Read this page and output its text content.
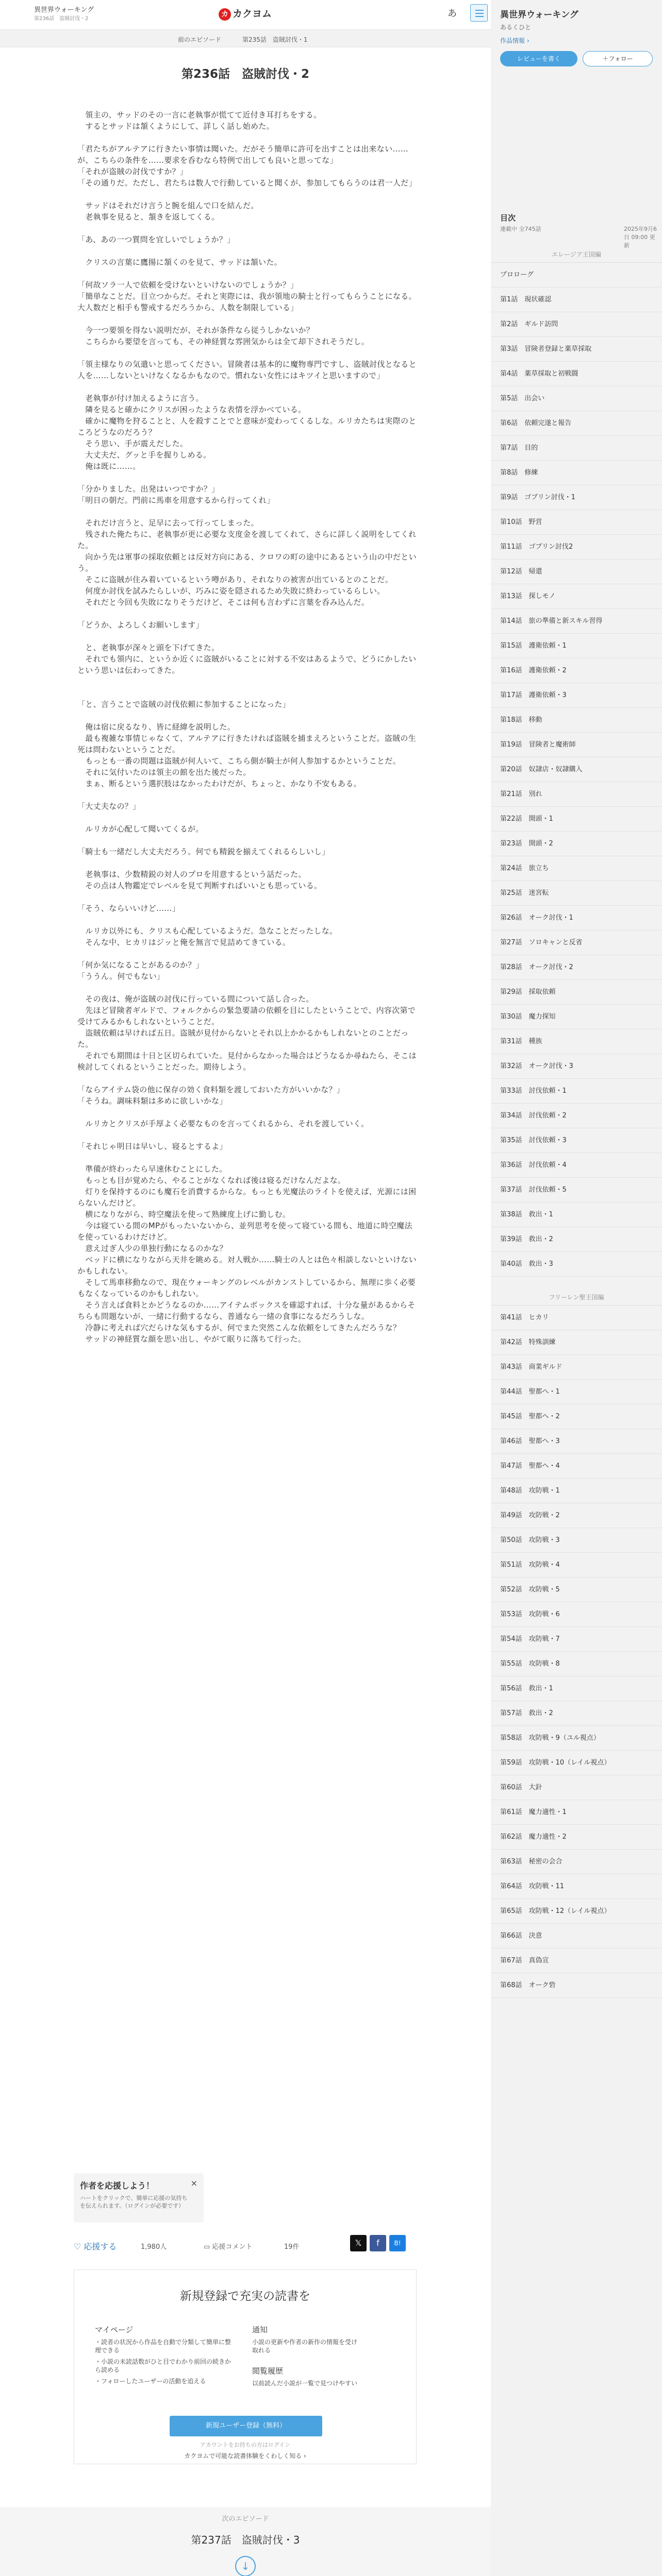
異世界ウォーキング
第236話　盗賊討伐・2
カ カクヨム	あ
前のエピソード	第235話　盗賊討伐・1
第236話　盗賊討伐・2

　領主の、サッドのその一言に老執事が慌てて近付き耳打ちをする。

　するとサッドは頷くようにして、詳しく話し始めた。

「君たちがアルテアに行きたい事情は聞いた。だがそう簡単に許可を出すことは出来ない……が、こちらの条件を……要求を呑むなら特例で出しても良いと思ってな」

「それが盗賊の討伐ですか？」

「その通りだ。ただし、君たちは数人で行動していると聞くが、参加してもらうのは君一人だ」

　サッドはそれだけ言うと腕を組んで口を結んだ。

　老執事を見ると、頷きを返してくる。

「あ、あの一つ質問を宜しいでしょうか？」

　クリスの言葉に鷹揚に頷くのを見て、サッドは頷いた。

「何故ソラ一人で依頼を受けないといけないのでしょうか？」

「簡単なことだ。目立つからだ。それと実際には、我が領地の騎士と行ってもらうことになる。大人数だと相手も警戒するだろうから、人数を制限している」

　今一つ要領を得ない説明だが、それが条件なら従うしかないか？

　こちらから要望を言っても、その神経質な雰囲気からは全て却下されそうだし。

「領主様なりの気遣いと思ってください。冒険者は基本的に魔物専門ですし、盗賊討伐となると人を……しないといけなくなるかもなので。慣れない女性にはキツイと思いますので」

　老執事が付け加えるように言う。

　隣を見ると確かにクリスが困ったような表情を浮かべている。

　確かに魔物を狩ることと、人を殺すことでと意味が変わってくるしな。ルリカたちは実際のところどうなのだろう？

　そう思い、手が震えだした。

　大丈夫だ、グッと手を握りしめる。

　俺は既に……。

「分かりました。出発はいつですか？」

「明日の朝だ。門前に馬車を用意するから行ってくれ」

　それだけ言うと、足早に去って行ってしまった。

　残された俺たちに、老執事が更に必要な支度金を渡してくれて、さらに詳しく説明をしてくれた。

　向かう先は軍事の採取依頼とは反対方向にある、クロワの町の途中にあるという山の中だという。

　そこに盗賊が住み着いているという噂があり、それなりの被害が出ているとのことだ。

　何度か討伐を試みたらしいが、巧みに姿を隠されるため失敗に終わっているらしい。

　それだと今回も失敗になりそうだけど、そこは何も言わずに言葉を呑み込んだ。

「どうか、よろしくお願いします」

　と、老執事が深々と頭を下げてきた。

　それでも領内に、というか近くに盗賊がいることに対する不安はあるようで、どうにかしたいという思いは伝わってきた。

「と、言うことで盗賊の討伐依頼に参加することになった」

　俺は宿に戻るなり、皆に経緯を説明した。

　最も複雑な事情じゃなくて、アルテアに行きたければ盗賊を捕まえろということだ。盗賊の生死は問わないということだ。

　もっとも一番の問題は盗賊が何人いて、こちら側が騎士が何人参加するかということだ。

　それに気付いたのは領主の館を出た後だった。

　まぁ、断るという選択肢はなかったわけだが、ちょっと、かなり不安もある。

「大丈夫なの？」

　ルリカが心配して聞いてくるが。

「騎士も一緒だし大丈夫だろう。何でも精鋭を揃えてくれるらしいし」

　老執事は、少数精鋭の対人のプロを用意するという話だった。

　その点は人物鑑定でレベルを見て判断すればいいとも思っている。

「そう、ならいいけど……」

　ルリカ以外にも、クリスも心配しているようだ。急なことだったしな。

　そんな中、ヒカリはジッと俺を無言で見詰めてきている。

「何か気になることがあるのか？」

「ううん。何でもない」

　その夜は、俺が盗賊の討伐に行っている間について話し合った。

　先ほど冒険者ギルドで、フォルクからの緊急要請の依頼を目にしたということで、内容次第で受けてみるかもしれないということだ。

　盗賊依頼は早ければ五日。盗賊が見付からないとそれ以上かかるかもしれないとのことだった。

　それでも期間は十日と区切られていた。見付からなかった場合はどうなるか尋ねたら、そこは検討してくれるということだった。期待しよう。

「ならアイテム袋の他に保存の効く食料類を渡しておいた方がいいかな？」

「そうね。調味料類は多めに欲しいかな」

　ルリカとクリスが手厚よく必要なものを言ってくれるから、それを渡していく。

「それじゃ明日は早いし、寝るとするよ」

　準備が終わったら早速休むことにした。

　もっとも目が覚めたら、やることがなくなれば後は寝るだけなんだよな。

　灯りを保持するのにも魔石を消費するからな。もっとも光魔法のライトを使えば、光源には困らないんだけど。

　横になりながら、時空魔法を使って熟練度上げに勤しむ。

　今は寝ている間のMPがもったいないから、並列思考を使って寝ている間も、地道に時空魔法を使っているわけだけど。

　意え过ぎ人少の単独行動になるのかな？

　ベッドに横になりながら天井を眺める。対人戦か……騎士の人とは色々相談しないといけないかもしれない。

　そして馬車移動なので、現在ウォーキングのレベルがカンストしているから、無理に歩く必要もなくなっているのかもしれない。

　そう言えば食料とかどうなるのか……アイテムボックスを確認すれば、十分な量があるからそちらも問題ないが、一緒に行動するなら、普通なら一緒の食事になるだろうしな。

　冷静に考えれば穴だらけな気もするが、何でまた突然こんな依頼をしてきたんだろうな？

　サッドの神経質な顔を思い出し、やがて眠りに落ちて行った。

作者を応援しよう！
ハートをクリックで、簡単に応援の気持ちを伝えられます。（ログインが必要です）
×
♡ 応援する	1,980人	▭ 応援コメント	19件	𝕏	f	B!
新規登録で充実の読書を
マイページ
・読者の状況から作品を自動で分類して簡単に整理できる
・小説の未読話数がひと目でわかり前回の続きから読める
・フォローしたユーザーの活動を追える
通知
小説の更新や作者の新作の情報を受け取れる
閲覧履歴
以前読んだ小説が一覧で見つけやすい
新規ユーザー登録（無料）
アカウントをお持ちの方はログイン
カクヨムで可能な読書体験をくわしく知る ›
次のエピソード
第237話　盗賊討伐・3
↓
異世界ウォーキング
あるくひと
作品情報 ›
レビューを書く	＋フォロー
目次
連載中 全745話	2025年9月6日 09:00 更新
エレージア王国編
プロローグ
第1話　現状確認
第2話　ギルド訪問
第3話　冒険者登録と薬草採取
第4話　薬草採取と初戦闘
第5話　出会い
第6話　依頼完遂と報告
第7話　目的
第8話　修練
第9話　ゴブリン討伐・1
第10話　野営
第11話　ゴブリン討伐2
第12話　帰還
第13話　探しモノ
第14話　旅の準備と新スキル習得
第15話　護衛依頼・1
第16話　護衛依頼・2
第17話　護衛依頼・3
第18話　移動
第19話　冒険者と魔術師
第20話　奴隷店・奴隷購入
第21話　別れ
第22話　開頭・1
第23話　開頭・2
第24話　旅立ち
第25話　迷宮転
第26話　オーク討伐・1
第27話　ソロキャンと反省
第28話　オーク討伐・2
第29話　採取依頼
第30話　魔力探知
第31話　種族
第32話　オーク討伐・3
第33話　討伐依頼・1
第34話　討伐依頼・2
第35話　討伐依頼・3
第36話　討伐依頼・4
第37話　討伐依頼・5
第38話　救出・1
第39話　救出・2
第40話　救出・3
フリーレン聖王国編
第41話　ヒカリ
第42話　特殊訓練
第43話　商業ギルド
第44話　聖都へ・1
第45話　聖都へ・2
第46話　聖都へ・3
第47話　聖都へ・4
第48話　攻防戦・1
第49話　攻防戦・2
第50話　攻防戦・3
第51話　攻防戦・4
第52話　攻防戦・5
第53話　攻防戦・6
第54話　攻防戦・7
第55話　攻防戦・8
第56話　救出・1
第57話　救出・2
第58話　攻防戦・9（ユル視点）
第59話　攻防戦・10（レイル視点）
第60話　大針
第61話　魔力適性・1
第62話　魔力適性・2
第63話　秘密の会合
第64話　攻防戦・11
第65話　攻防戦・12（レイル視点）
第66話　決意
第67話　真偽宣
第68話　オーク砦
